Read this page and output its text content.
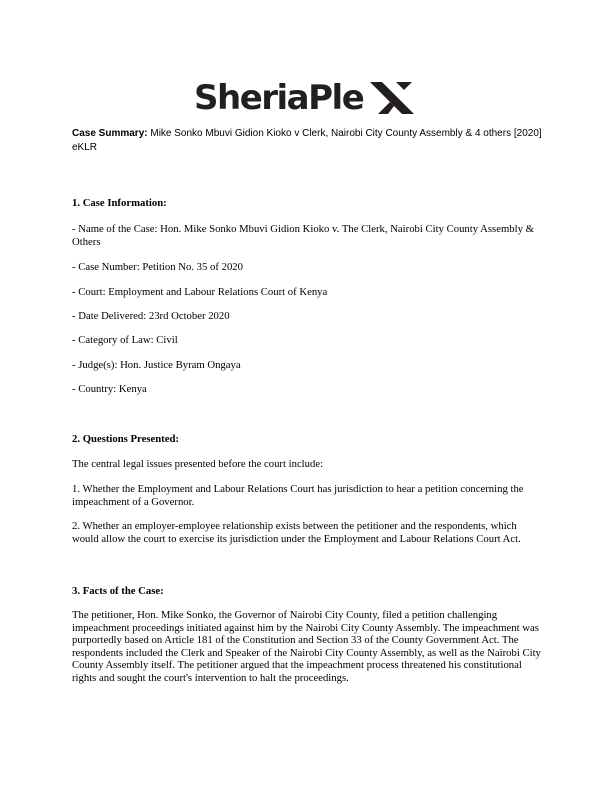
SheriaPle
Case Summary: Mike Sonko Mbuvi Gidion Kioko v Clerk, Nairobi City County Assembly & 4 others [2020] eKLR

1. Case Information:

- Name of the Case: Hon. Mike Sonko Mbuvi Gidion Kioko v. The Clerk, Nairobi City County Assembly & Others

- Case Number: Petition No. 35 of 2020

- Court: Employment and Labour Relations Court of Kenya

- Date Delivered: 23rd October 2020

- Category of Law: Civil

- Judge(s): Hon. Justice Byram Ongaya

- Country: Kenya

2. Questions Presented:

The central legal issues presented before the court include:

1. Whether the Employment and Labour Relations Court has jurisdiction to hear a petition concerning the impeachment of a Governor.

2. Whether an employer-employee relationship exists between the petitioner and the respondents, which would allow the court to exercise its jurisdiction under the Employment and Labour Relations Court Act.

3. Facts of the Case:

The petitioner, Hon. Mike Sonko, the Governor of Nairobi City County, filed a petition challenging impeachment proceedings initiated against him by the Nairobi City County Assembly. The impeachment was purportedly based on Article 181 of the Constitution and Section 33 of the County Government Act. The respondents included the Clerk and Speaker of the Nairobi City County Assembly, as well as the Nairobi City County Assembly itself. The petitioner argued that the impeachment process threatened his constitutional rights and sought the court's intervention to halt the proceedings.
